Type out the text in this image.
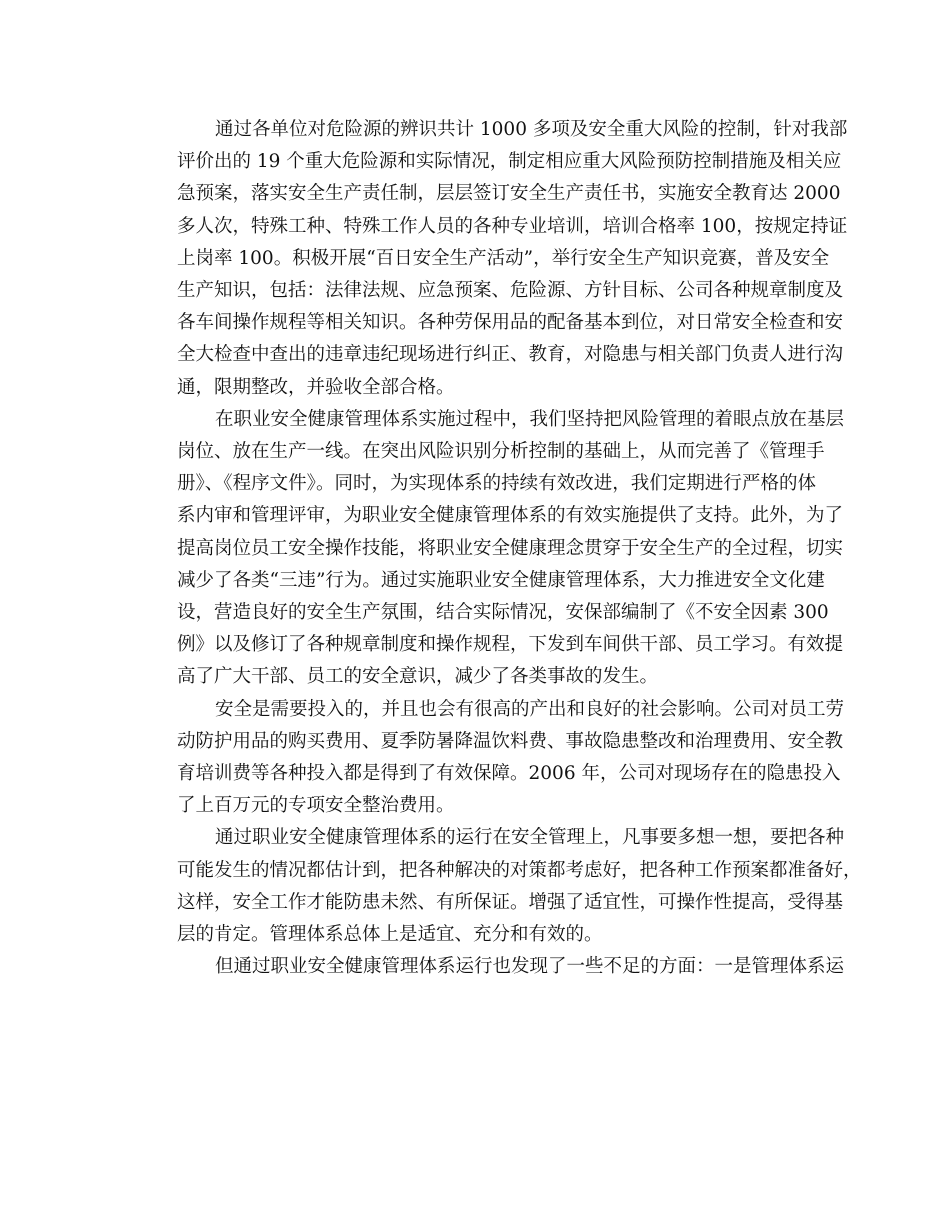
通过各单位对危险源的辨识共计 1000 多项及安全重大风险的控制，针对我部
评价出的 19 个重大危险源和实际情况，制定相应重大风险预防控制措施及相关应
急预案，落实安全生产责任制，层层签订安全生产责任书，实施安全教育达 2000
多人次，特殊工种、特殊工作人员的各种专业培训，培训合格率 100，按规定持证
上岗率 100。积极开展“百日安全生产活动”，举行安全生产知识竞赛，普及安全
生产知识，包括：法律法规、应急预案、危险源、方针目标、公司各种规章制度及
各车间操作规程等相关知识。各种劳保用品的配备基本到位，对日常安全检查和安
全大检查中查出的违章违纪现场进行纠正、教育，对隐患与相关部门负责人进行沟
通，限期整改，并验收全部合格。
在职业安全健康管理体系实施过程中，我们坚持把风险管理的着眼点放在基层
岗位、放在生产一线。在突出风险识别分析控制的基础上，从而完善了《管理手
册》、《程序文件》。同时，为实现体系的持续有效改进，我们定期进行严格的体
系内审和管理评审，为职业安全健康管理体系的有效实施提供了支持。此外，为了
提高岗位员工安全操作技能，将职业安全健康理念贯穿于安全生产的全过程，切实
减少了各类“三违”行为。通过实施职业安全健康管理体系，大力推进安全文化建
设，营造良好的安全生产氛围，结合实际情况，安保部编制了《不安全因素 300
例》以及修订了各种规章制度和操作规程，下发到车间供干部、员工学习。有效提
高了广大干部、员工的安全意识，减少了各类事故的发生。
安全是需要投入的，并且也会有很高的产出和良好的社会影响。公司对员工劳
动防护用品的购买费用、夏季防暑降温饮料费、事故隐患整改和治理费用、安全教
育培训费等各种投入都是得到了有效保障。2006 年，公司对现场存在的隐患投入
了上百万元的专项安全整治费用。
通过职业安全健康管理体系的运行在安全管理上，凡事要多想一想，要把各种
可能发生的情况都估计到，把各种解决的对策都考虑好，把各种工作预案都准备好，
这样，安全工作才能防患未然、有所保证。增强了适宜性，可操作性提高，受得基
层的肯定。管理体系总体上是适宜、充分和有效的。
但通过职业安全健康管理体系运行也发现了一些不足的方面：一是管理体系运
